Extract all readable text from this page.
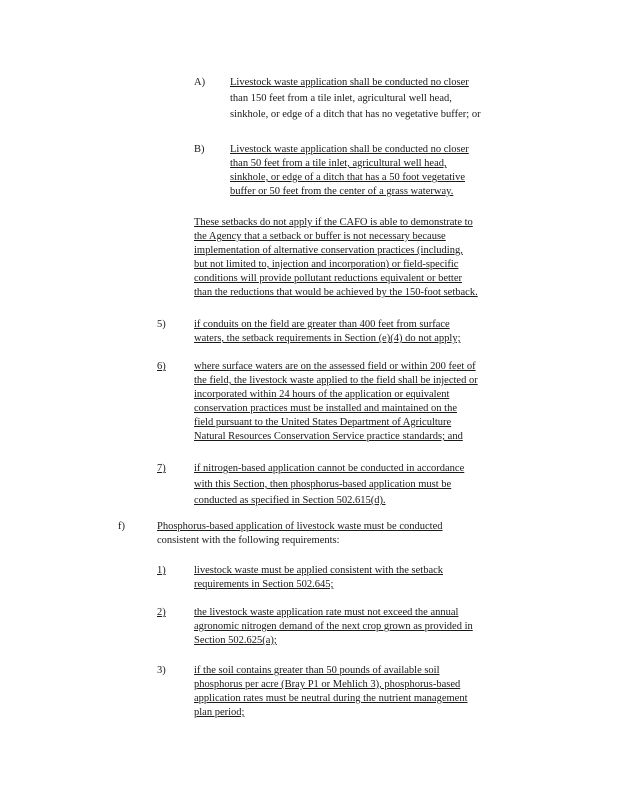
A) Livestock waste application shall be conducted no closer
than 150 feet from a tile inlet, agricultural well head,
sinkhole, or edge of a ditch that has no vegetative buffer; or
B) Livestock waste application shall be conducted no closer
than 50 feet from a tile inlet, agricultural well head,
sinkhole, or edge of a ditch that has a 50 foot vegetative
buffer or 50 feet from the center of a grass waterway.
These setbacks do not apply if the CAFO is able to demonstrate to
the Agency that a setback or buffer is not necessary because
implementation of alternative conservation practices (including,
but not limited to, injection and incorporation) or field-specific
conditions will provide pollutant reductions equivalent or better
than the reductions that would be achieved by the 150-foot setback.
5)	if conduits on the field are greater than 400 feet from surface
waters, the setback requirements in Section (e)(4) do not apply;
6)	where surface waters are on the assessed field or within 200 feet of
the field, the livestock waste applied to the field shall be injected or
incorporated within 24 hours of the application or equivalent
conservation practices must be installed and maintained on the
field pursuant to the United States Department of Agriculture
Natural Resources Conservation Service practice standards; and
7)	if nitrogen-based application cannot be conducted in accordance
with this Section, then phosphorus-based application must be
conducted as specified in Section 502.615(d).
f)	Phosphorus-based application of livestock waste must be conducted
consistent with the following requirements:
1)	livestock waste must be applied consistent with the setback
requirements in Section 502.645;
2)	the livestock waste application rate must not exceed the annual
agronomic nitrogen demand of the next crop grown as provided in
Section 502.625(a);
3)	if the soil contains greater than 50 pounds of available soil
phosphorus per acre (Bray P1 or Mehlich 3), phosphorus-based
application rates must be neutral during the nutrient management
plan period;
